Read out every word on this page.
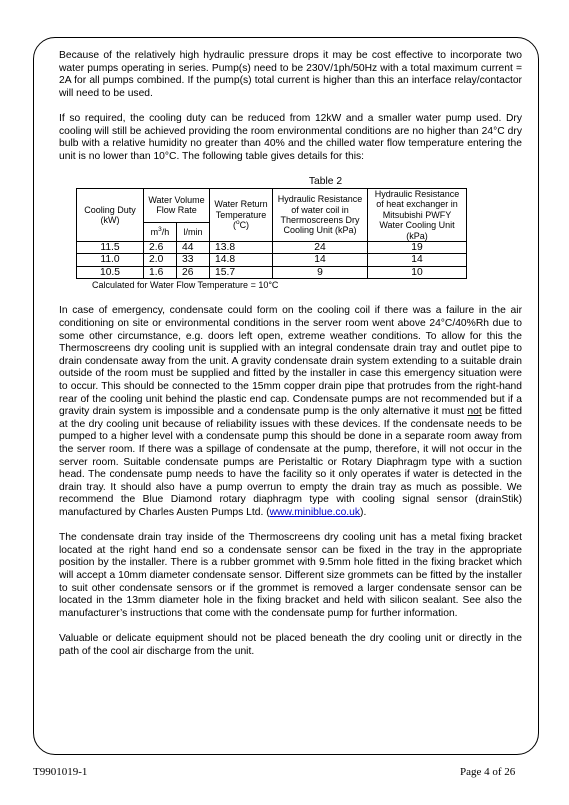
Because of the relatively high hydraulic pressure drops it may be cost effective to incorporate two water pumps operating in series. Pump(s) need to be 230V/1ph/50Hz with a total maximum current = 2A for all pumps combined. If the pump(s) total current is higher than this an interface relay/contactor will need to be used.

If so required, the cooling duty can be reduced from 12kW and a smaller water pump used. Dry cooling will still be achieved providing the room environmental conditions are no higher than 24°C dry bulb with a relative humidity no greater than 40% and the chilled water flow temperature entering the unit is no lower than 10°C. The following table gives details for this:

Table 2
Cooling Duty (kW)	Water Volume Flow Rate		Water Return Temperature ($^o$C)	Hydraulic Resistance of water coil in Thermoscreens Dry Cooling Unit (kPa)	Hydraulic Resistance of heat exchanger in Mitsubishi PWFY Water Cooling Unit (kPa)
	$m^3/h$	l/min			
11.5	2.6	44	13.8	24	19
11.0	2.0	33	14.8	14	14
10.5	1.6	26	15.7	9	10
Calculated for Water Flow Temperature = 10°C

In case of emergency, condensate could form on the cooling coil if there was a failure in the air conditioning on site or environmental conditions in the server room went above 24°C/40%Rh due to some other circumstance, e.g. doors left open, extreme weather conditions. To allow for this the Thermoscreens dry cooling unit is supplied with an integral condensate drain tray and outlet pipe to drain condensate away from the unit. A gravity condensate drain system extending to a suitable drain outside of the room must be supplied and fitted by the installer in case this emergency situation were to occur. This should be connected to the 15mm copper drain pipe that protrudes from the right-hand rear of the cooling unit behind the plastic end cap. Condensate pumps are not recommended but if a gravity drain system is impossible and a condensate pump is the only alternative it must not be fitted at the dry cooling unit because of reliability issues with these devices. If the condensate needs to be pumped to a higher level with a condensate pump this should be done in a separate room away from the server room. If there was a spillage of condensate at the pump, therefore, it will not occur in the server room. Suitable condensate pumps are Peristaltic or Rotary Diaphragm type with a suction head. The condensate pump needs to have the facility so it only operates if water is detected in the drain tray. It should also have a pump overrun to empty the drain tray as much as possible. We recommend the Blue Diamond rotary diaphragm type with cooling signal sensor (drainStik) manufactured by Charles Austen Pumps Ltd. (www.miniblue.co.uk).

The condensate drain tray inside of the Thermoscreens dry cooling unit has a metal fixing bracket located at the right hand end so a condensate sensor can be fixed in the tray in the appropriate position by the installer. There is a rubber grommet with 9.5mm hole fitted in the fixing bracket which will accept a 10mm diameter condensate sensor. Different size grommets can be fitted by the installer to suit other condensate sensors or if the grommet is removed a larger condensate sensor can be located in the 13mm diameter hole in the fixing bracket and held with silicon sealant. See also the manufacturer’s instructions that come with the condensate pump for further information.

Valuable or delicate equipment should not be placed beneath the dry cooling unit or directly in the path of the cool air discharge from the unit.

T9901019-1	Page 4 of 26
